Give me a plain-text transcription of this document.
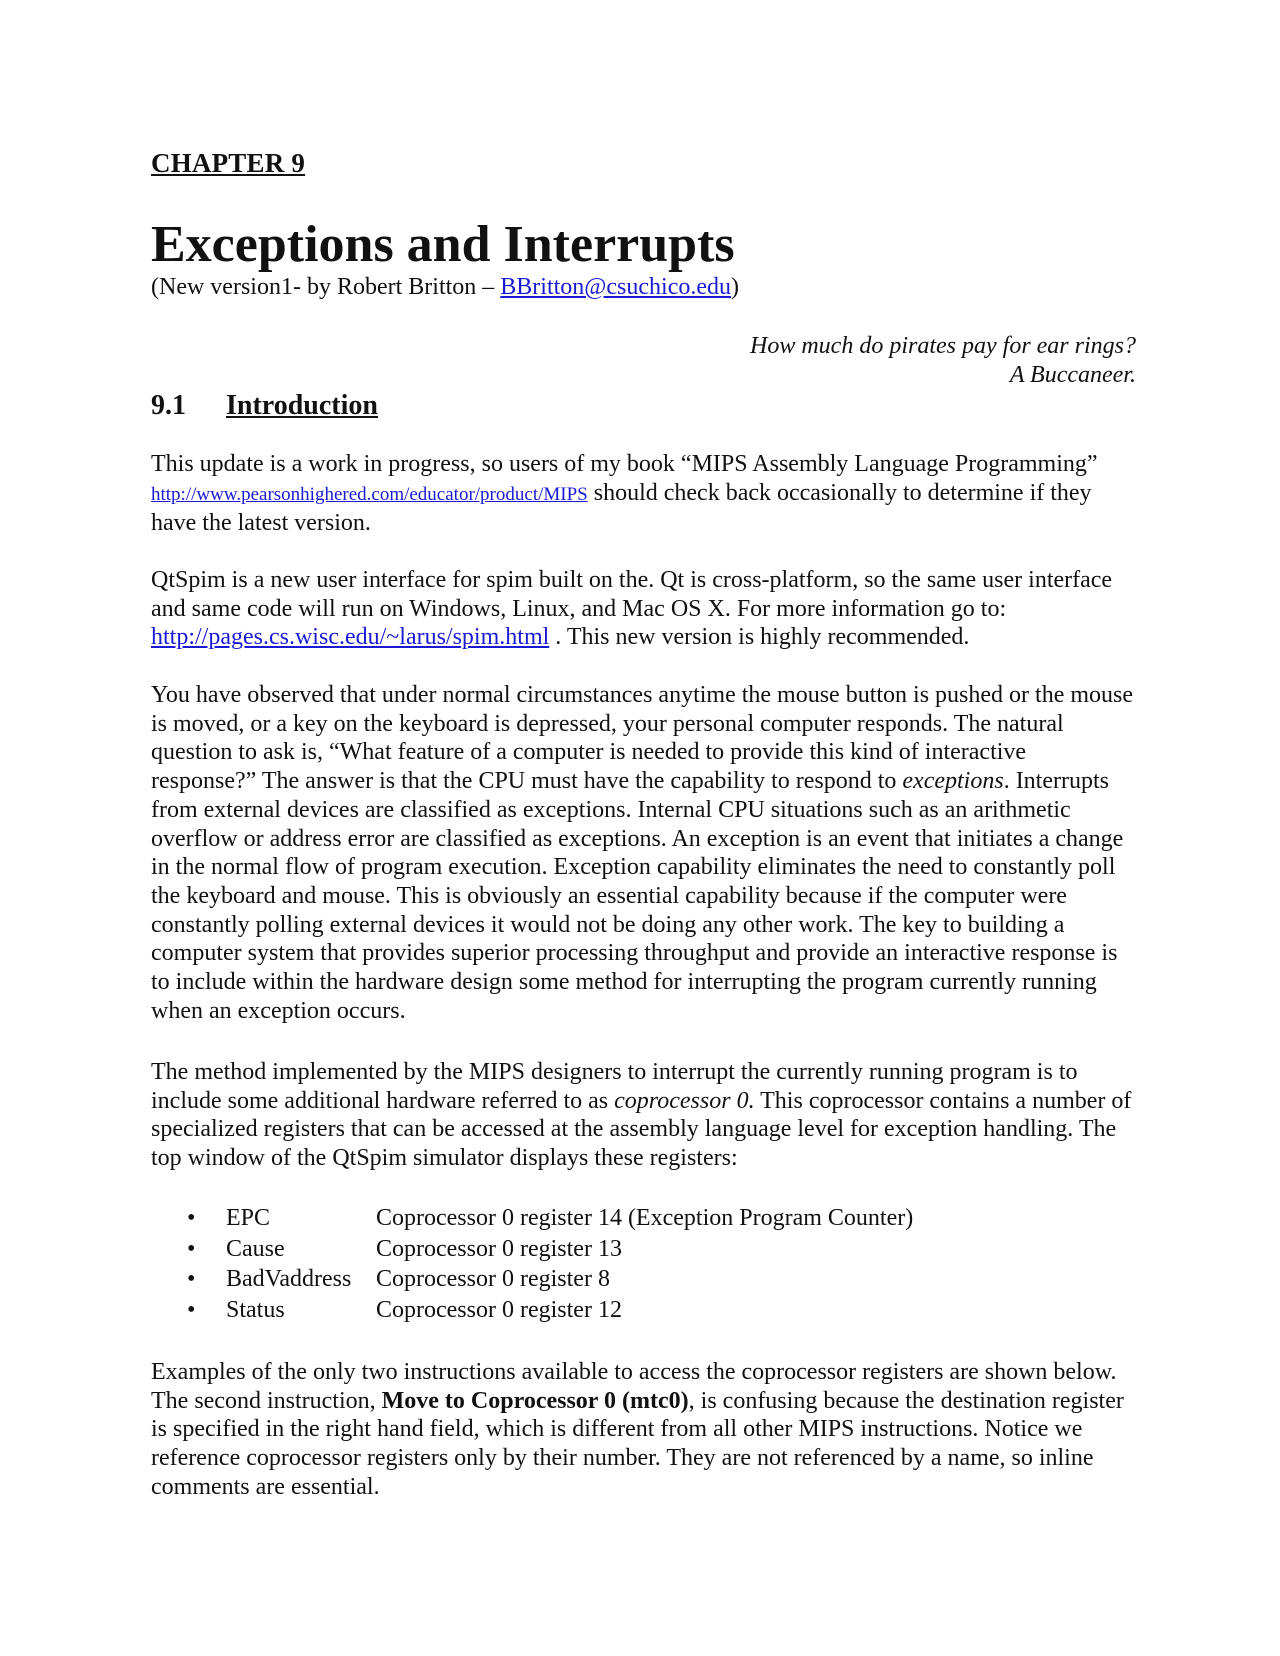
CHAPTER 9
Exceptions and Interrupts
(New version1- by Robert Britton – BBritton@csuchico.edu)
How much do pirates pay for ear rings?
A Buccaneer.
9.1 Introduction
This update is a work in progress, so users of my book “MIPS Assembly Language Programming” http://www.pearsonhighered.com/educator/product/MIPS should check back occasionally to determine if they have the latest version.
QtSpim is a new user interface for spim built on the. Qt is cross-platform, so the same user interface and same code will run on Windows, Linux, and Mac OS X. For more information go to: http://pages.cs.wisc.edu/~larus/spim.html . This new version is highly recommended.
You have observed that under normal circumstances anytime the mouse button is pushed or the mouse is moved, or a key on the keyboard is depressed, your personal computer responds. The natural question to ask is, “What feature of a computer is needed to provide this kind of interactive response?” The answer is that the CPU must have the capability to respond to exceptions. Interrupts from external devices are classified as exceptions. Internal CPU situations such as an arithmetic overflow or address error are classified as exceptions. An exception is an event that initiates a change in the normal flow of program execution. Exception capability eliminates the need to constantly poll the keyboard and mouse. This is obviously an essential capability because if the computer were constantly polling external devices it would not be doing any other work. The key to building a computer system that provides superior processing throughput and provide an interactive response is to include within the hardware design some method for interrupting the program currently running when an exception occurs.
The method implemented by the MIPS designers to interrupt the currently running program is to include some additional hardware referred to as coprocessor 0. This coprocessor contains a number of specialized registers that can be accessed at the assembly language level for exception handling. The top window of the QtSpim simulator displays these registers:
•	EPC	Coprocessor 0 register 14 (Exception Program Counter)
•	Cause	Coprocessor 0 register 13
•	BadVaddress	Coprocessor 0 register 8
•	Status	Coprocessor 0 register 12
Examples of the only two instructions available to access the coprocessor registers are shown below. The second instruction, Move to Coprocessor 0 (mtc0), is confusing because the destination register is specified in the right hand field, which is different from all other MIPS instructions. Notice we reference coprocessor registers only by their number. They are not referenced by a name, so inline comments are essential.
